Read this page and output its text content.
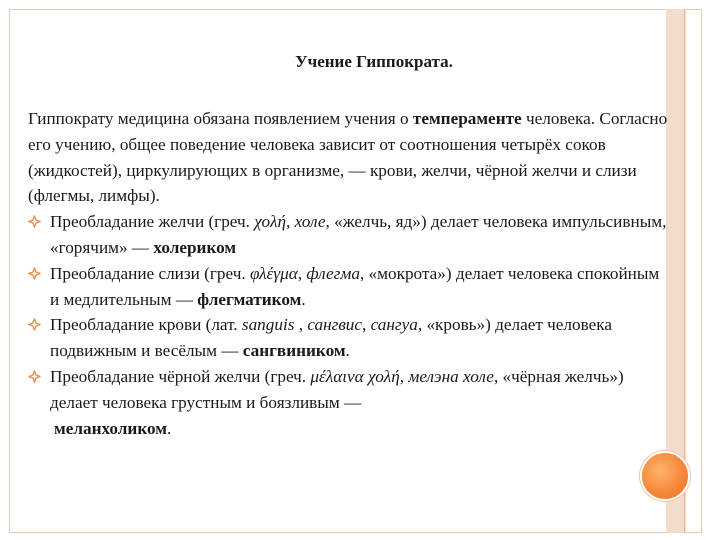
Учение Гиппократа.

Гиппократу медицина обязана появлением учения о темпераменте человека. Согласно его учению, общее поведение человека зависит от соотношения четырёх соков (жидкостей), циркулирующих в организме, — крови, желчи, чёрной желчи и слизи (флегмы, лимфы).

Преобладание желчи (греч. χολή, холе, «желчь, яд») делает человека импульсивным, «горячим» — холериком
Преобладание слизи (греч. φλέγμα, флегма, «мокрота») делает человека спокойным и медлительным — флегматиком.
Преобладание крови (лат. sanguis , сангвис, сангуа, «кровь») делает человека подвижным и весёлым — сангвиником.
Преобладание чёрной желчи (греч. μέλαινα χολή, мелэна холе, «чёрная желчь») делает человека грустным и боязливым —
меланхоликом.
